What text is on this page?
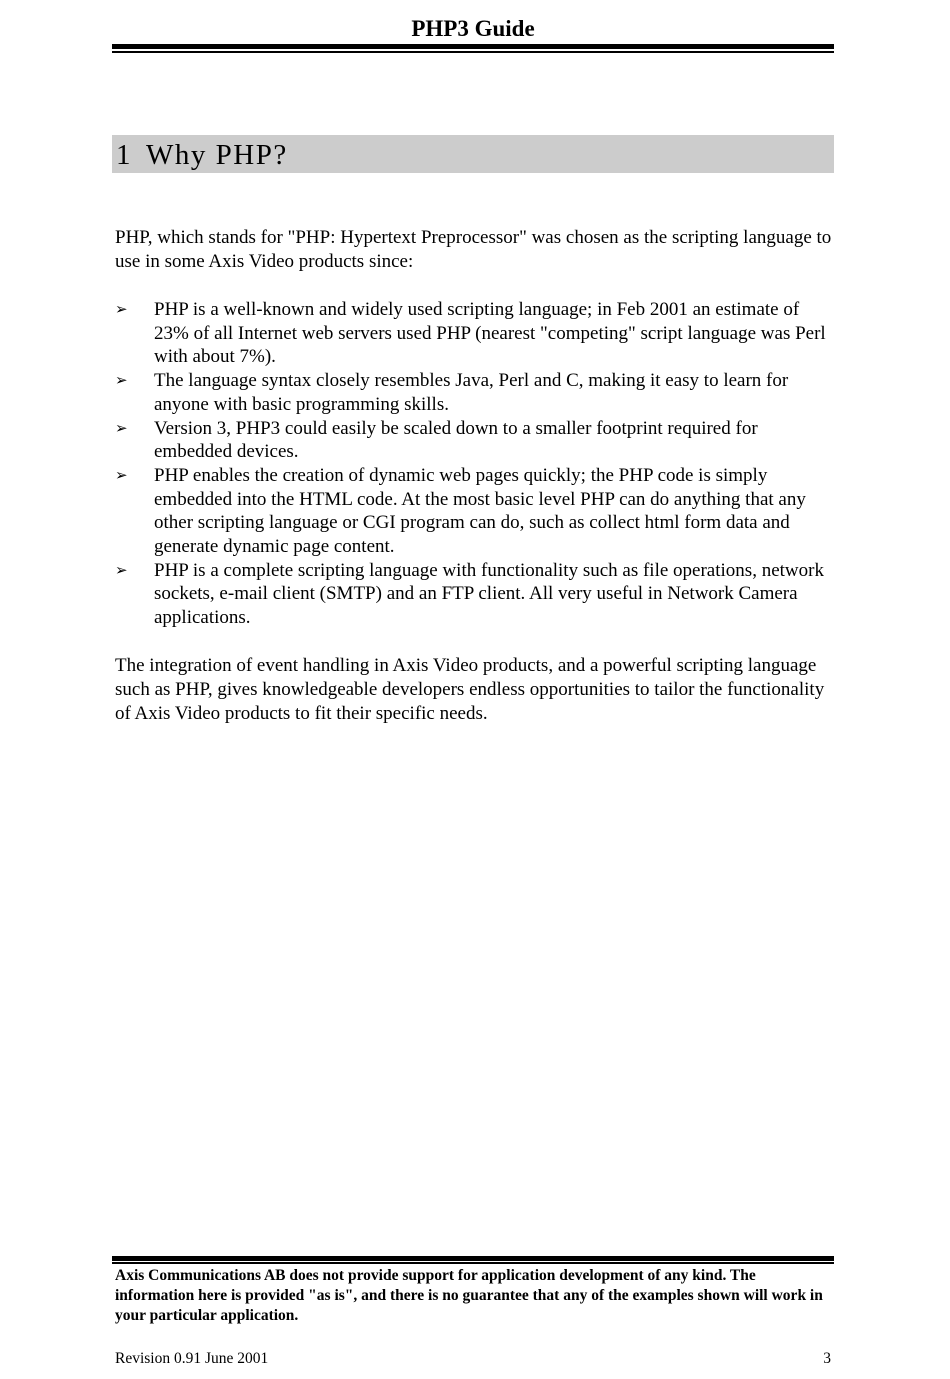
PHP3 Guide
1 Why PHP?

PHP, which stands for "PHP: Hypertext Preprocessor" was chosen as the scripting language to use in some Axis Video products since:

➢ PHP is a well-known and widely used scripting language; in Feb 2001 an estimate of 23% of all Internet web servers used PHP (nearest "competing" script language was Perl with about 7%).
➢ The language syntax closely resembles Java, Perl and C, making it easy to learn for anyone with basic programming skills.
➢ Version 3, PHP3 could easily be scaled down to a smaller footprint required for embedded devices.
➢ PHP enables the creation of dynamic web pages quickly; the PHP code is simply embedded into the HTML code. At the most basic level PHP can do anything that any other scripting language or CGI program can do, such as collect html form data and generate dynamic page content.
➢ PHP is a complete scripting language with functionality such as file operations, network sockets, e-mail client (SMTP) and an FTP client. All very useful in Network Camera applications.

The integration of event handling in Axis Video products, and a powerful scripting language such as PHP, gives knowledgeable developers endless opportunities to tailor the functionality of Axis Video products to fit their specific needs.

Axis Communications AB does not provide support for application development of any kind. The information here is provided "as is", and there is no guarantee that any of the examples shown will work in your particular application.

Revision 0.91 June 2001	3
